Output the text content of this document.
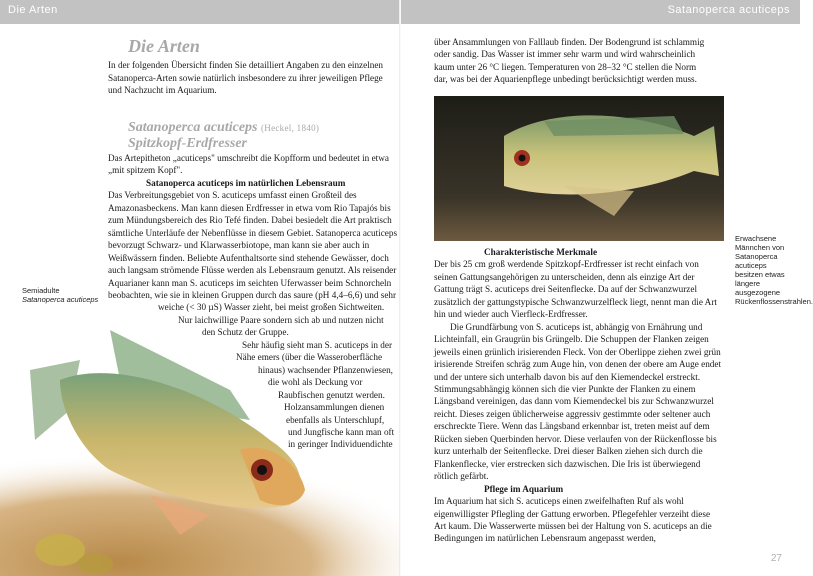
Die Arten	Satanoperca acuticeps
Die Arten
In der folgenden Übersicht finden Sie detailliert Angaben zu den einzelnen Satanoperca-Arten sowie natürlich insbesondere zu ihrer jeweiligen Pflege und Nachzucht im Aquarium.
Satanoperca acuticeps (Heckel, 1840)
Spitzkopf-Erdfresser

Das Artepitheton „acuticeps" umschreibt die Kopfform und bedeutet in etwa „mit spitzem Kopf".

Satanoperca acuticeps im natürlichen Lebensraum

Das Verbreitungsgebiet von S. acuticeps umfasst einen Großteil des Amazonasbeckens. Man kann diesen Erdfresser in etwa vom Rio Tapajós bis zum Mündungsbereich des Rio Tefé finden. Dabei besiedelt die Art praktisch sämtliche Unterläufe der Nebenflüsse in diesem Gebiet. Satanoperca acuticeps bevorzugt Schwarz- und Klarwasserbiotope, man kann sie aber auch in Weißwässern finden. Beliebte Aufenthaltsorte sind stehende Gewässer, doch auch langsam strömende Flüsse werden als Lebensraum genutzt. Als reisender Aquarianer kann man S. acuticeps im seichten Uferwasser beim Schnorcheln beobachten, wie sie in kleinen Gruppen durch das saure (pH 4,4–6,6) und sehr weiche (< 30 µS) Wasser zieht, bei meist großen Sichtweiten. Nur laichwillige Paare sondern sich ab und nutzen nicht den Schutz der Gruppe.

Sehr häufig sieht man S. acuticeps in der Nähe emers (über die Wasseroberfläche hinaus) wachsender Pflanzenwiesen, die wohl als Deckung vor Raubfischen genutzt werden. Holzansammlungen dienen ebenfalls als Unterschlupf, und Jungfische kann man oft

Semiadulte
Satanoperca acuticeps

über Ansammlungen von Falllaub finden. Der Bodengrund ist schlammig oder sandig. Das Wasser ist immer sehr warm und wird wahrscheinlich kaum unter 26 °C liegen. Temperaturen von 28–32 °C stellen die Norm dar, was bei der Aquarienpflege unbedingt berücksichtigt werden muss.

Erwachsene Männchen von Satanoperca acuticeps besitzen etwas längere ausgezogene Rückenflossenstrahlen.

Charakteristische Merkmale

Der bis 25 cm groß werdende Spitzkopf-Erdfresser ist recht einfach von seinen Gattungsangehörigen zu unterscheiden, denn als einzige Art der Gattung trägt S. acuticeps drei Seitenflecke. Da auf der Schwanzwurzel zusätzlich der gattungstypische Schwanzwurzelfleck liegt, nennt man die Art hin und wieder auch Vierfleck-Erdfresser.

Die Grundfärbung von S. acuticeps ist, abhängig von Ernährung und Lichteinfall, ein Graugrün bis Grüngelb. Die Schuppen der Flanken zeigen jeweils einen grünlich irisierenden Fleck. Von der Oberlippe ziehen zwei grün irisierende Streifen schräg zum Auge hin, von denen der obere am Auge endet und der untere sich unterhalb davon bis auf den Kiemendeckel erstreckt. Stimmungsabhängig können sich die vier Punkte der Flanken zu einem Längsband vereinigen, das dann vom Kiemendeckel bis zur Schwanzwurzel reicht. Dieses zeigen üblicherweise aggressiv gestimmte oder seltener auch erschreckte Tiere. Wenn das Längsband erkennbar ist, treten meist auf dem Rücken sieben Querbinden hervor. Diese verlaufen von der Rückenflosse bis kurz unterhalb der Seitenflecke. Drei dieser Balken ziehen sich durch die Flankenflecke, vier erstrecken sich dazwischen. Die Iris ist überwiegend rötlich gefärbt.

Pflege im Aquarium

Im Aquarium hat sich S. acuticeps einen zweifelhaften Ruf als wohl eigenwilligster Pflegling der Gattung erworben. Pflegefehler verzeiht diese Art kaum. Die Wasserwerte müssen bei der Haltung von S. acuticeps an die Bedingungen im natürlichen Lebensraum angepasst werden,

27
